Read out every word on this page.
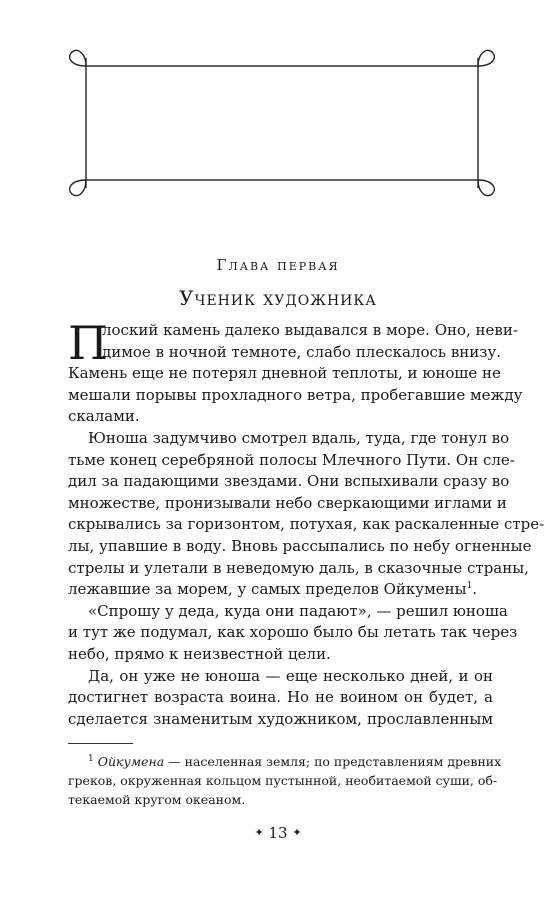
Глава первая
Ученик художника
П
лоский камень далеко выдавался в море. Оно, неви-
димое в ночной темноте, слабо плескалось внизу.
Камень еще не потерял дневной теплоты, и юноше не
мешали порывы прохладного ветра, пробегавшие между
скалами.
Юноша задумчиво смотрел вдаль, туда, где тонул во
тьме конец серебряной полосы Млечного Пути. Он сле-
дил за падающими звездами. Они вспыхивали сразу во
множестве, пронизывали небо сверкающими иглами и
скрывались за горизонтом, потухая, как раскаленные стре-
лы, упавшие в воду. Вновь рассыпались по небу огненные
стрелы и улетали в неведомую даль, в сказочные страны,
лежавшие за морем, у самых пределов Ойкумены$^1$.
«Спрошу у деда, куда они падают», — решил юноша
и тут же подумал, как хорошо было бы летать так через
небо, прямо к неизвестной цели.
Да, он уже не юноша — еще несколько дней, и он
достигнет возраста воина. Но не воином он будет, а
сделается знаменитым художником, прославленным
$^1$ Ойкумена — населенная земля; по представлениям древних
греков, окруженная кольцом пустынной, необитаемой суши, об-
текаемой кругом океаном.
✦ 13 ✦
